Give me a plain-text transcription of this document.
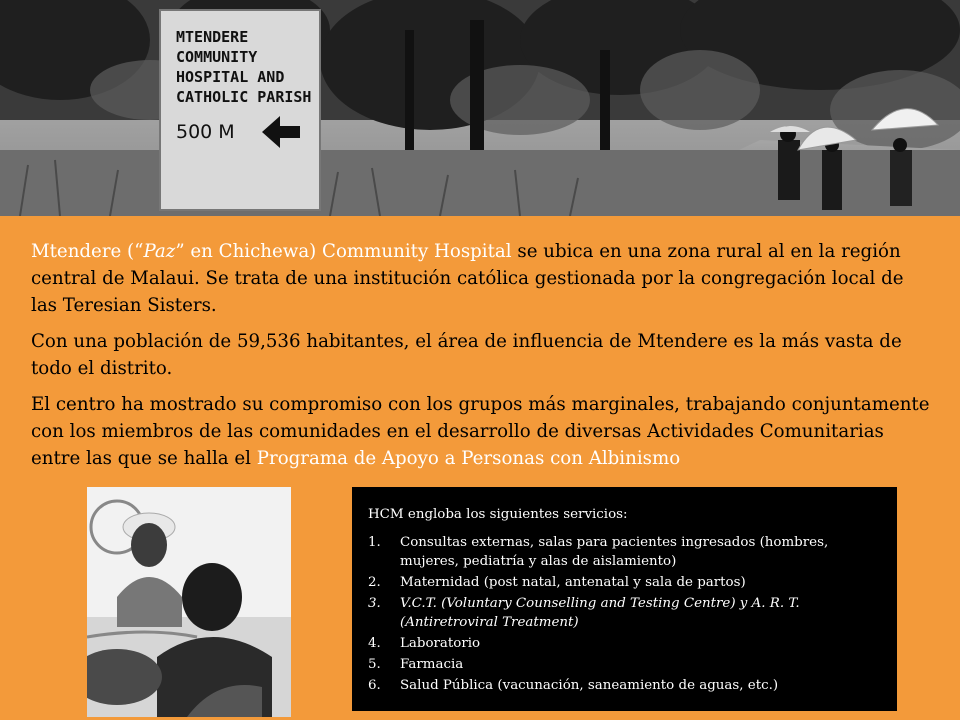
MTENDERE
COMMUNITY
HOSPITAL AND
CATHOLIC PARISH
500 M

Mtendere (“Paz” en Chichewa) Community Hospital se ubica en una zona rural al en la región central de Malaui. Se trata de una institución católica gestionada por la congregación local de las Teresian Sisters.

Con una población de 59,536 habitantes, el área de influencia de Mtendere es la más vasta de todo el distrito.

El centro ha mostrado su compromiso con los grupos más marginales, trabajando conjuntamente con los miembros de las comunidades en el desarrollo de diversas Actividades Comunitarias entre las que se halla el Programa de Apoyo a Personas con Albinismo

HCM engloba los siguientes servicios:

1.	Consultas externas, salas para pacientes ingresados (hombres, mujeres, pediatría y alas de aislamiento)
2.	Maternidad (post natal, antenatal y sala de partos)
3.	V.C.T. (Voluntary Counselling and Testing Centre) y A. R. T. (Antiretroviral Treatment)
4.	Laboratorio
5.	Farmacia
6.	Salud Pública (vacunación, saneamiento de aguas, etc.)
